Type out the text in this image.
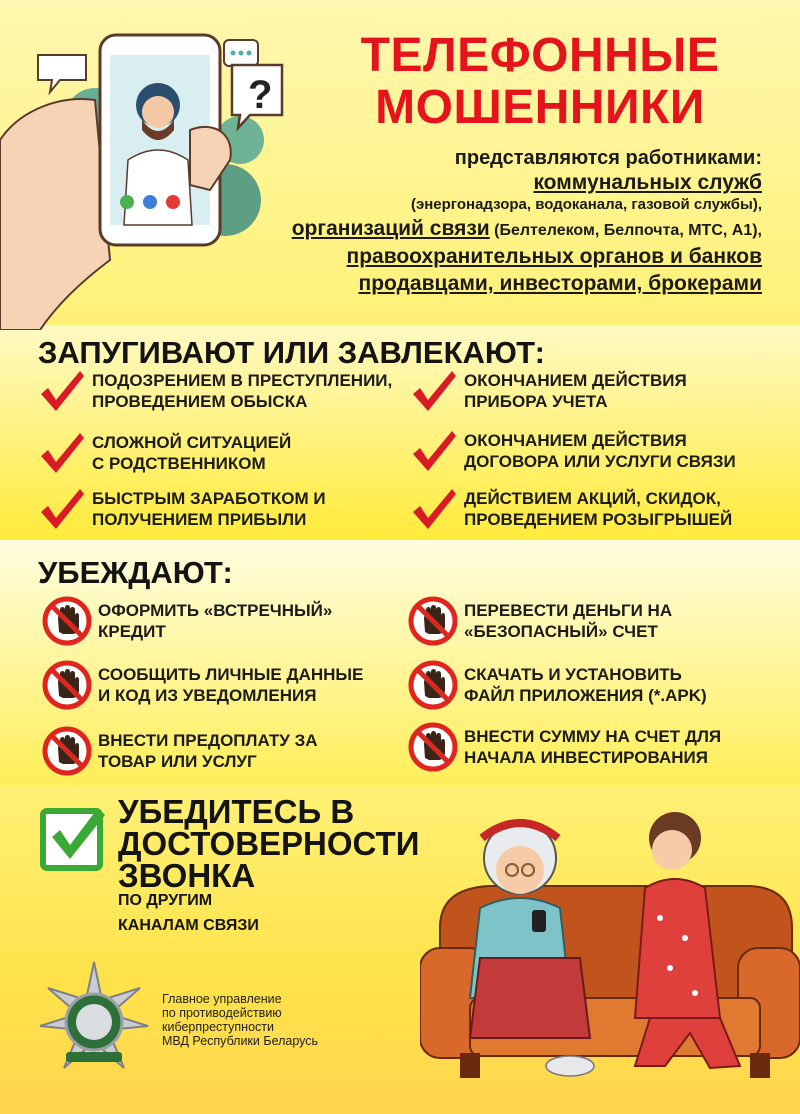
?
ТЕЛЕФОННЫЕ
МОШЕННИКИ
представляются работниками:
коммунальных служб
(энергонадзора, водоканала, газовой службы),
организаций связи (Белтелеком, Белпочта, МТС, А1),
правоохранительных органов и банков
продавцами, инвесторами, брокерами
ЗАПУГИВАЮТ ИЛИ ЗАВЛЕКАЮТ:
ПОДОЗРЕНИЕМ В ПРЕСТУПЛЕНИИ,
ПРОВЕДЕНИЕМ ОБЫСКА
СЛОЖНОЙ СИТУАЦИЕЙ
С РОДСТВЕННИКОМ
БЫСТРЫМ ЗАРАБОТКОМ И
ПОЛУЧЕНИЕМ ПРИБЫЛИ
ОКОНЧАНИЕМ ДЕЙСТВИЯ
ПРИБОРА УЧЕТА
ОКОНЧАНИЕМ ДЕЙСТВИЯ
ДОГОВОРА ИЛИ УСЛУГИ СВЯЗИ
ДЕЙСТВИЕМ АКЦИЙ, СКИДОК,
ПРОВЕДЕНИЕМ РОЗЫГРЫШЕЙ
УБЕЖДАЮТ:
ОФОРМИТЬ «ВСТРЕЧНЫЙ»
КРЕДИТ
СООБЩИТЬ ЛИЧНЫЕ ДАННЫЕ
И КОД ИЗ УВЕДОМЛЕНИЯ
ВНЕСТИ ПРЕДОПЛАТУ ЗА
ТОВАР ИЛИ УСЛУГ
ПЕРЕВЕСТИ ДЕНЬГИ НА
«БЕЗОПАСНЫЙ» СЧЕТ
СКАЧАТЬ И УСТАНОВИТЬ
ФАЙЛ ПРИЛОЖЕНИЯ (*.APK)
ВНЕСТИ СУММУ НА СЧЕТ ДЛЯ
НАЧАЛА ИНВЕСТИРОВАНИЯ
УБЕДИТЕСЬ В
ДОСТОВЕРНОСТИ
ЗВОНКА
ПО ДРУГИМ
КАНАЛАМ СВЯЗИ
Главное управление
по противодействию
киберпреступности
МВД Республики Беларусь
